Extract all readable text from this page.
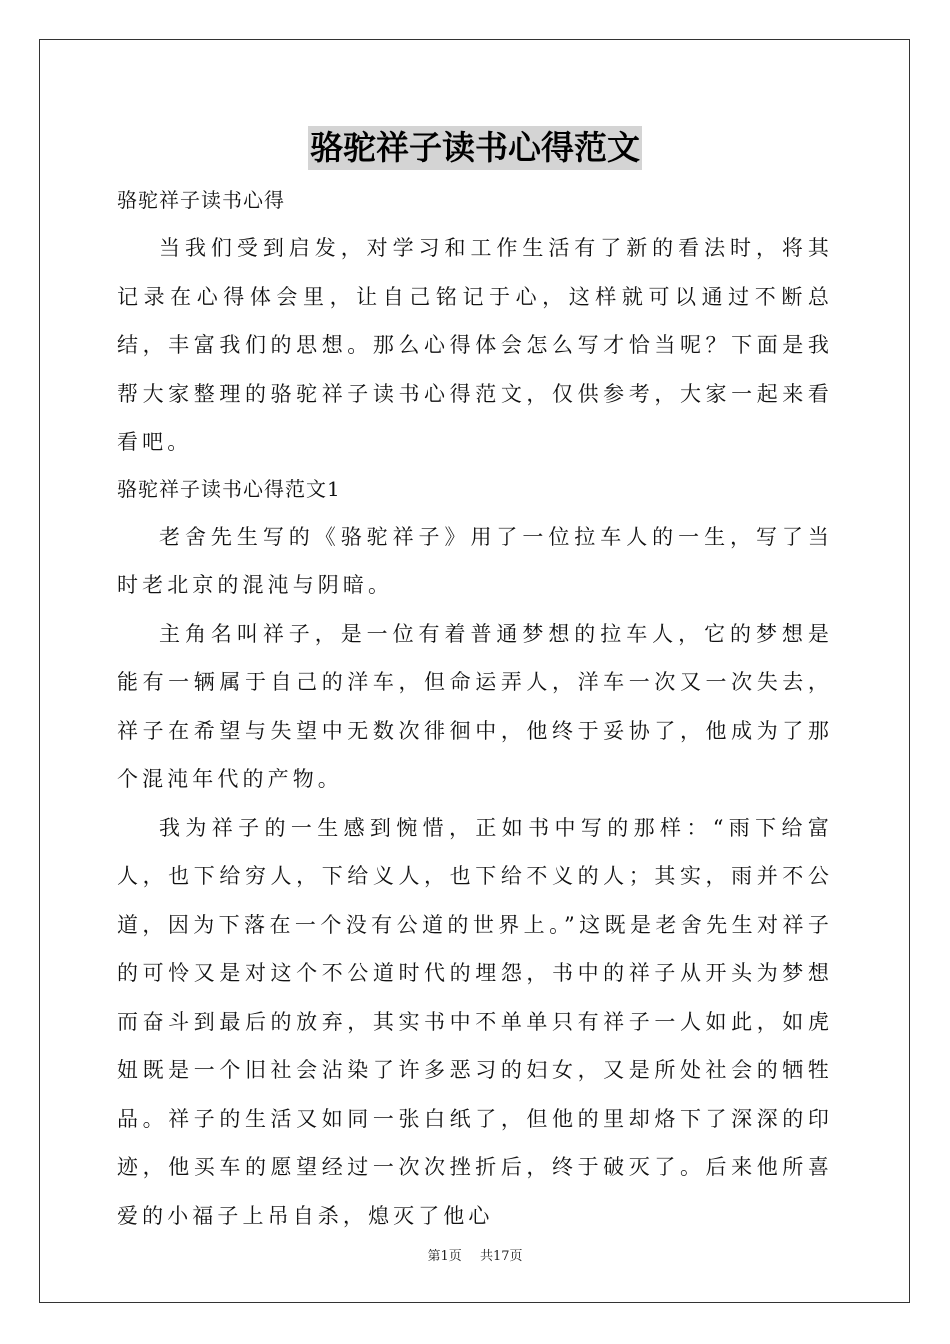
骆驼祥子读书心得范文

骆驼祥子读书心得

当我们受到启发，对学习和工作生活有了新的看法时，将其记录在心得体会里，让自己铭记于心，这样就可以通过不断总结，丰富我们的思想。那么心得体会怎么写才恰当呢？下面是我帮大家整理的骆驼祥子读书心得范文，仅供参考，大家一起来看看吧。

骆驼祥子读书心得范文1

老舍先生写的《骆驼祥子》用了一位拉车人的一生，写了当时老北京的混沌与阴暗。

主角名叫祥子，是一位有着普通梦想的拉车人，它的梦想是能有一辆属于自己的洋车，但命运弄人，洋车一次又一次失去，祥子在希望与失望中无数次徘徊中，他终于妥协了，他成为了那个混沌年代的产物。

我为祥子的一生感到惋惜，正如书中写的那样：“雨下给富人，也下给穷人，下给义人，也下给不义的人；其实，雨并不公道，因为下落在一个没有公道的世界上。”这既是老舍先生对祥子的可怜又是对这个不公道时代的埋怨，书中的祥子从开头为梦想而奋斗到最后的放弃，其实书中不单单只有祥子一人如此，如虎妞既是一个旧社会沾染了许多恶习的妇女，又是所处社会的牺牲品。祥子的生活又如同一张白纸了，但他的里却烙下了深深的印迹，他买车的愿望经过一次次挫折后，终于破灭了。后来他所喜爱的小福子上吊自杀，熄灭了他心

第1页 共17页
